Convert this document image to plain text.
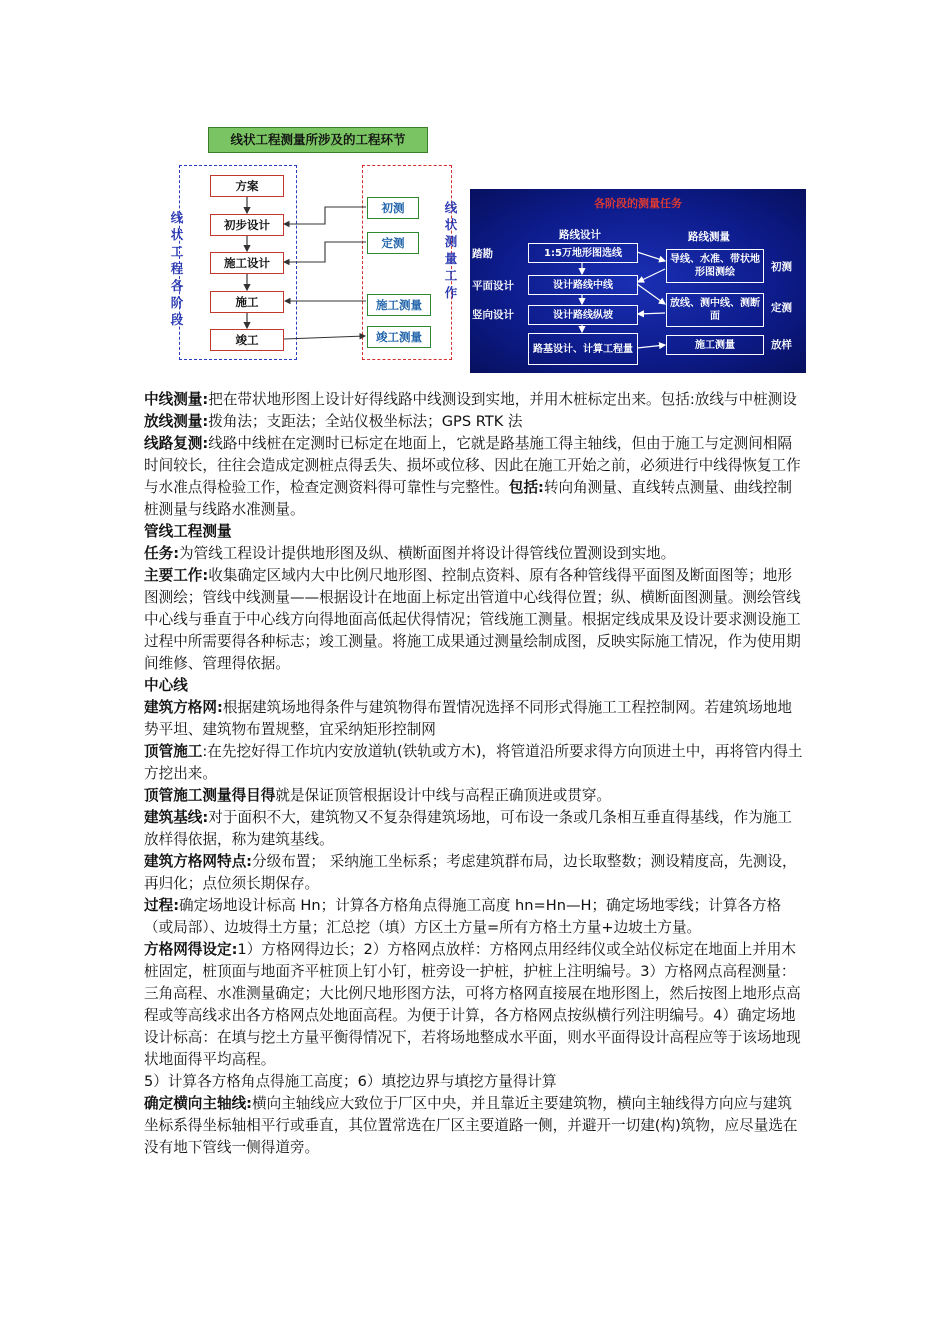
线状工程测量所涉及的工程环节
线
状
工
程
各
阶
段
线
状
测
量
工
作
方案
初步设计
施工设计
施工
竣工
初测
定测
施工测量
竣工测量
各阶段的测量任务
路线设计	路线测量
踏勘
平面设计
竖向设计
初测
定测
放样
1:5万地形图选线
设计路线中线
设计路线纵坡
路基设计、计算工程量
导线、水准、带状地形图测绘
放线、测中线、测断面
施工测量

中线测量:把在带状地形图上设计好得线路中线测设到实地，并用木桩标定出来。包括:放线与中桩测设

放线测量:拨角法；支距法；全站仪极坐标法；GPS RTK 法

线路复测:线路中线桩在定测时已标定在地面上，它就是路基施工得主轴线，但由于施工与定测间相隔时间较长，往往会造成定测桩点得丢失、损坏或位移、因此在施工开始之前，必须进行中线得恢复工作与水准点得检验工作，检查定测资料得可靠性与完整性。包括:转向角测量、直线转点测量、曲线控制桩测量与线路水准测量。

管线工程测量

任务:为管线工程设计提供地形图及纵、横断面图并将设计得管线位置测设到实地。

主要工作:收集确定区域内大中比例尺地形图、控制点资料、原有各种管线得平面图及断面图等；地形图测绘；管线中线测量——根据设计在地面上标定出管道中心线得位置；纵、横断面图测量。测绘管线中心线与垂直于中心线方向得地面高低起伏得情况；管线施工测量。根据定线成果及设计要求测设施工过程中所需要得各种标志；竣工测量。将施工成果通过测量绘制成图，反映实际施工情况，作为使用期间维修、管理得依据。

中心线

建筑方格网:根据建筑场地得条件与建筑物得布置情况选择不同形式得施工工程控制网。若建筑场地地势平坦、建筑物布置规整，宜采纳矩形控制网

顶管施工:在先挖好得工作坑内安放道轨(铁轨或方木)，将管道沿所要求得方向顶进土中，再将管内得土方挖出来。

顶管施工测量得目得就是保证顶管根据设计中线与高程正确顶进或贯穿。

建筑基线:对于面积不大，建筑物又不复杂得建筑场地，可布设一条或几条相互垂直得基线，作为施工放样得依据，称为建筑基线。

建筑方格网特点:分级布置； 采纳施工坐标系；考虑建筑群布局，边长取整数；测设精度高，先测设，再归化；点位须长期保存。

过程:确定场地设计标高 Hn；计算各方格角点得施工高度 hn=Hn—H；确定场地零线；计算各方格（或局部）、边坡得土方量；汇总挖（填）方区土方量=所有方格土方量+边坡土方量。

方格网得设定:1）方格网得边长；2）方格网点放样：方格网点用经纬仪或全站仪标定在地面上并用木桩固定，桩顶面与地面齐平桩顶上钉小钉，桩旁设一护桩，护桩上注明编号。3）方格网点高程测量：三角高程、水准测量确定；大比例尺地形图方法，可将方格网直接展在地形图上，然后按图上地形点高程或等高线求出各方格网点处地面高程。为便于计算，各方格网点按纵横行列注明编号。4）确定场地设计标高：在填与挖土方量平衡得情况下，若将场地整成水平面，则水平面得设计高程应等于该场地现状地面得平均高程。

5）计算各方格角点得施工高度；6）填挖边界与填挖方量得计算

确定横向主轴线:横向主轴线应大致位于厂区中央，并且靠近主要建筑物，横向主轴线得方向应与建筑坐标系得坐标轴相平行或垂直，其位置常选在厂区主要道路一侧，并避开一切建(构)筑物，应尽量选在没有地下管线一侧得道旁。
